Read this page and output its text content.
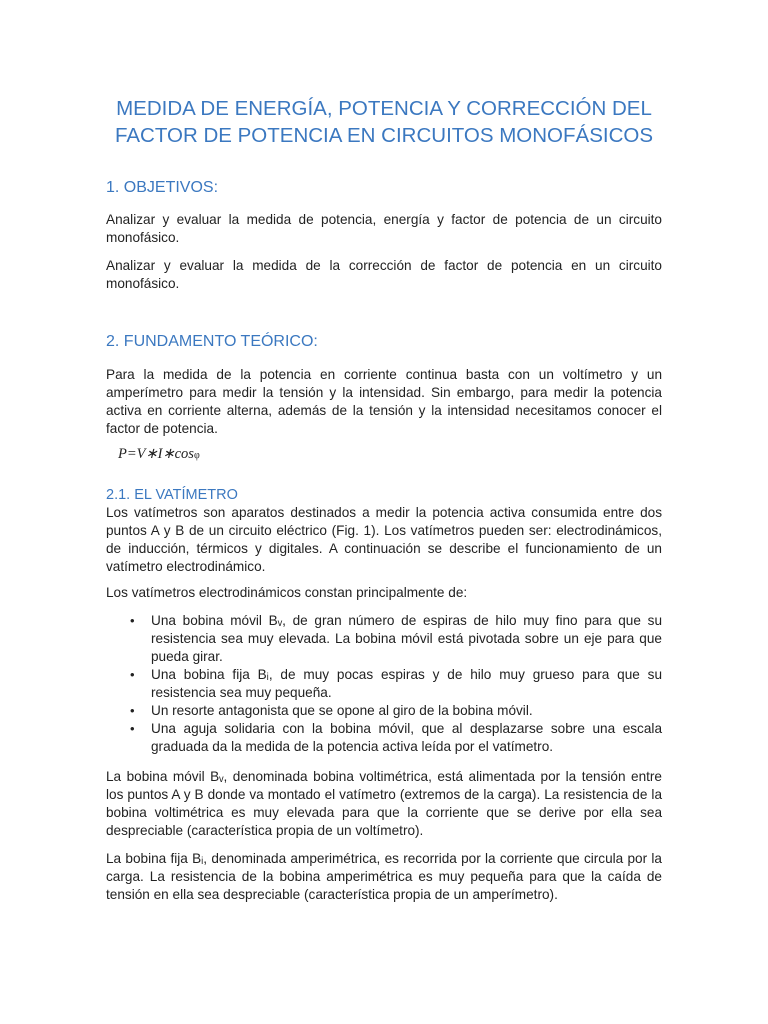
MEDIDA DE ENERGÍA, POTENCIA Y CORRECCIÓN DEL
FACTOR DE POTENCIA EN CIRCUITOS MONOFÁSICOS
1. OBJETIVOS:

Analizar y evaluar la medida de potencia, energía y factor de potencia de un circuito monofásico.

Analizar y evaluar la medida de la corrección de factor de potencia en un circuito monofásico.

2. FUNDAMENTO TEÓRICO:

Para la medida de la potencia en corriente continua basta con un voltímetro y un amperímetro para medir la tensión y la intensidad. Sin embargo, para medir la potencia activa en corriente alterna, además de la tensión y la intensidad necesitamos conocer el factor de potencia.

P=V∗I∗cosφ

2.1. EL VATÍMETRO

Los vatímetros son aparatos destinados a medir la potencia activa consumida entre dos puntos A y B de un circuito eléctrico (Fig. 1). Los vatímetros pueden ser: electrodinámicos, de inducción, térmicos y digitales. A continuación se describe el funcionamiento de un vatímetro electrodinámico.

Los vatímetros electrodinámicos constan principalmente de:

• Una bobina móvil Bᵥ, de gran número de espiras de hilo muy fino para que su resistencia sea muy elevada. La bobina móvil está pivotada sobre un eje para que pueda girar.
• Una bobina fija Bᵢ, de muy pocas espiras y de hilo muy grueso para que su resistencia sea muy pequeña.
• Un resorte antagonista que se opone al giro de la bobina móvil.
• Una aguja solidaria con la bobina móvil, que al desplazarse sobre una escala graduada da la medida de la potencia activa leída por el vatímetro.

La bobina móvil Bᵥ, denominada bobina voltimétrica, está alimentada por la tensión entre los puntos A y B donde va montado el vatímetro (extremos de la carga). La resistencia de la bobina voltimétrica es muy elevada para que la corriente que se derive por ella sea despreciable (característica propia de un voltímetro).

La bobina fija Bᵢ, denominada amperimétrica, es recorrida por la corriente que circula por la carga. La resistencia de la bobina amperimétrica es muy pequeña para que la caída de tensión en ella sea despreciable (característica propia de un amperímetro).
